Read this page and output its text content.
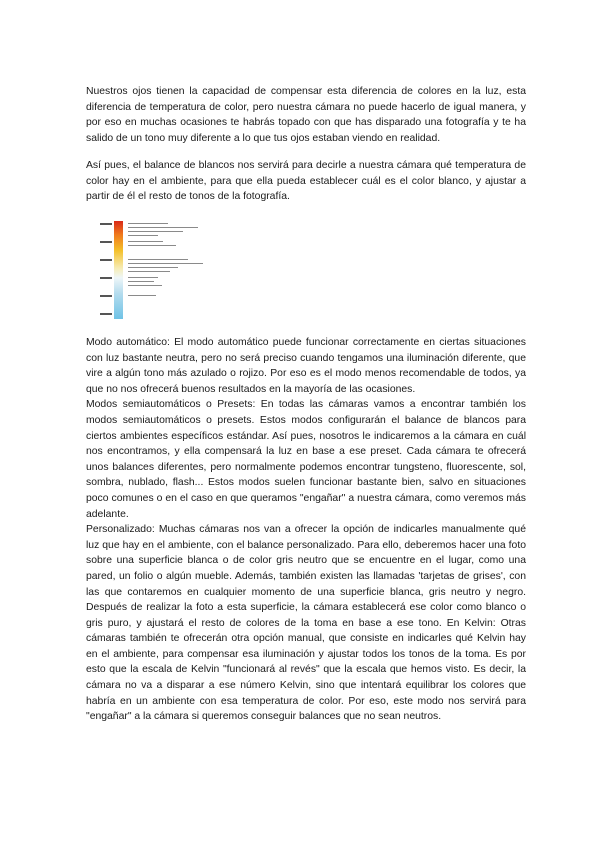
Nuestros ojos tienen la capacidad de compensar esta diferencia de colores en la luz, esta diferencia de temperatura de color, pero nuestra cámara no puede hacerlo de igual manera, y por eso en muchas ocasiones te habrás topado con que has disparado una fotografía y te ha salido de un tono muy diferente a lo que tus ojos estaban viendo en realidad.

Así pues, el balance de blancos nos servirá para decirle a nuestra cámara qué temperatura de color hay en el ambiente, para que ella pueda establecer cuál es el color blanco, y ajustar a partir de él el resto de tonos de la fotografía.

Modo automático: El modo automático puede funcionar correctamente en ciertas situaciones con luz bastante neutra, pero no será preciso cuando tengamos una iluminación diferente, que vire a algún tono más azulado o rojizo. Por eso es el modo menos recomendable de todos, ya que no nos ofrecerá buenos resultados en la mayoría de las ocasiones.
Modos semiautomáticos o Presets: En todas las cámaras vamos a encontrar también los modos semiautomáticos o presets. Estos modos configurarán el balance de blancos para ciertos ambientes específicos estándar. Así pues, nosotros le indicaremos a la cámara en cuál nos encontramos, y ella compensará la luz en base a ese preset. Cada cámara te ofrecerá unos balances diferentes, pero normalmente podemos encontrar tungsteno, fluorescente, sol, sombra, nublado, flash... Estos modos suelen funcionar bastante bien, salvo en situaciones poco comunes o en el caso en que queramos "engañar" a nuestra cámara, como veremos más adelante.
Personalizado: Muchas cámaras nos van a ofrecer la opción de indicarles manualmente qué luz que hay en el ambiente, con el balance personalizado. Para ello, deberemos hacer una foto sobre una superficie blanca o de color gris neutro que se encuentre en el lugar, como una pared, un folio o algún mueble. Además, también existen las llamadas 'tarjetas de grises', con las que contaremos en cualquier momento de una superficie blanca, gris neutro y negro. Después de realizar la foto a esta superficie, la cámara establecerá ese color como blanco o gris puro, y ajustará el resto de colores de la toma en base a ese tono. En Kelvin: Otras cámaras también te ofrecerán otra opción manual, que consiste en indicarles qué Kelvin hay en el ambiente, para compensar esa iluminación y ajustar todos los tonos de la toma. Es por esto que la escala de Kelvin "funcionará al revés" que la escala que hemos visto. Es decir, la cámara no va a disparar a ese número Kelvin, sino que intentará equilibrar los colores que habría en un ambiente con esa temperatura de color. Por eso, este modo nos servirá para "engañar" a la cámara si queremos conseguir balances que no sean neutros.
